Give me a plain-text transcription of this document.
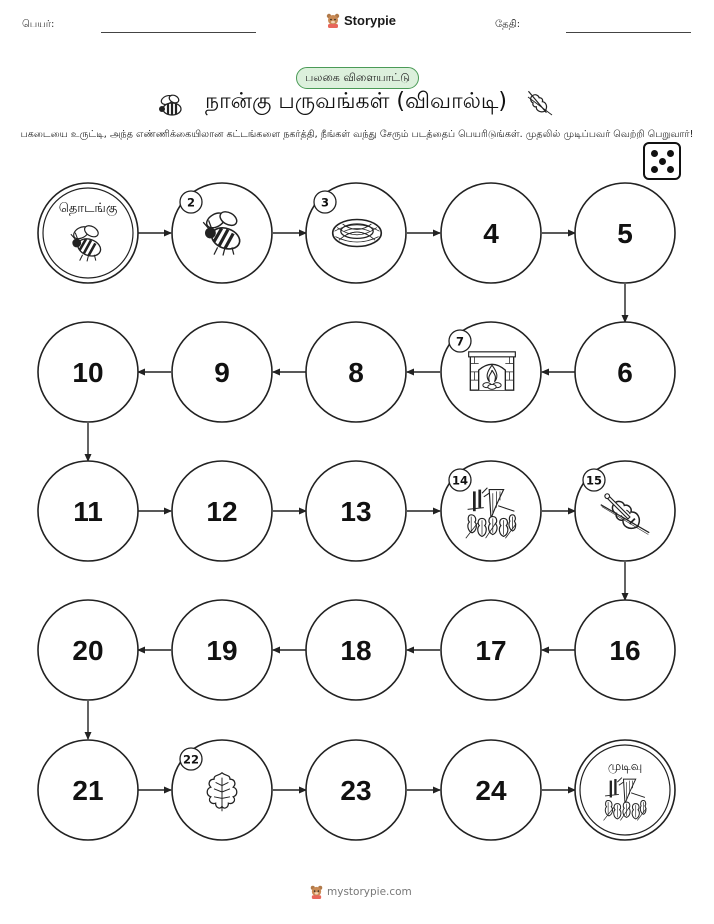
பெயர்:	Storypie	தேதி:
பலகை விளையாட்டு
நான்கு பருவங்கள் (விவால்டி)
பகடையை உருட்டி, அந்த எண்ணிக்கையிலான கட்டங்களை நகர்த்தி, நீங்கள் வந்து சேரும் படத்தைப் பெயரிடுங்கள். முதலில் முடிப்பவர் வெற்றி பெறுவார்!
தொடங்கு	2	3
4	5
6
7
8
9
10
11	12	13
14	15
16
17
18
19
20
21
22
23	24
முடிவு
mystorypie.com
